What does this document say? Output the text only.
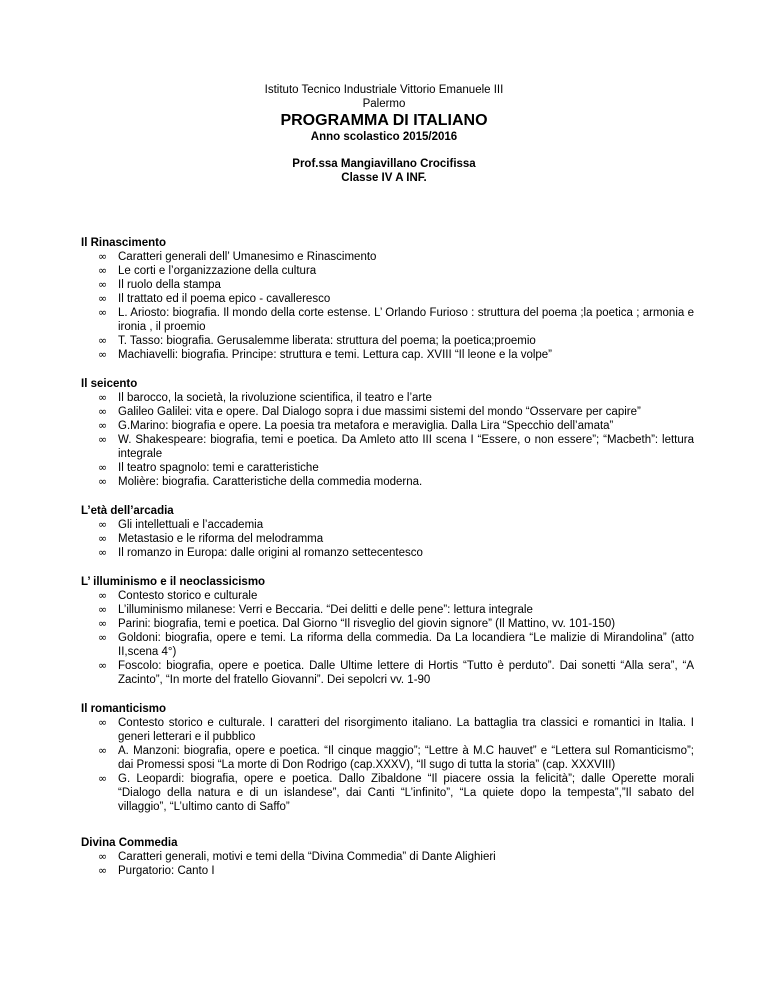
Istituto Tecnico Industriale Vittorio Emanuele III

Palermo

PROGRAMMA DI ITALIANO

Anno scolastico 2015/2016

Prof.ssa Mangiavillano Crocifissa

Classe IV A INF.

Il Rinascimento

∞ Caratteri generali dell’ Umanesimo e Rinascimento
∞ Le corti e l’organizzazione della cultura
∞ Il ruolo della stampa
∞ Il trattato ed il poema epico - cavalleresco
∞ L. Ariosto: biografia. Il mondo della corte estense. L’ Orlando Furioso : struttura del poema ;la poetica ; armonia e ironia , il proemio
∞ T. Tasso: biografia. Gerusalemme liberata: struttura del poema; la poetica;proemio
∞ Machiavelli: biografia. Principe: struttura e temi. Lettura cap. XVIII “Il leone e la volpe”

Il seicento

∞ Il barocco, la società, la rivoluzione scientifica, il teatro e l’arte
∞ Galileo Galilei: vita e opere. Dal Dialogo sopra i due massimi sistemi del mondo “Osservare per capire”
∞ G.Marino: biografia e opere. La poesia tra metafora e meraviglia. Dalla Lira “Specchio dell’amata”
∞ W. Shakespeare: biografia, temi e poetica. Da Amleto atto III scena I “Essere, o non essere”; “Macbeth”: lettura integrale
∞ Il teatro spagnolo: temi e caratteristiche
∞ Molière: biografia. Caratteristiche della commedia moderna.

L’età dell’arcadia

∞ Gli intellettuali e l’accademia
∞ Metastasio e le riforma del melodramma
∞ Il romanzo in Europa: dalle origini al romanzo settecentesco

L’ illuminismo e il neoclassicismo

∞ Contesto storico e culturale
∞ L’illuminismo milanese: Verri e Beccaria. “Dei delitti e delle pene”: lettura integrale
∞ Parini: biografia, temi e poetica. Dal Giorno “Il risveglio del giovin signore” (Il Mattino, vv. 101-150)
∞ Goldoni: biografia, opere e temi. La riforma della commedia. Da La locandiera “Le malizie di Mirandolina” (atto II,scena 4°)
∞ Foscolo: biografia, opere e poetica. Dalle Ultime lettere di Hortis “Tutto è perduto”. Dai sonetti “Alla sera”, “A Zacinto”, “In morte del fratello Giovanni”. Dei sepolcri vv. 1-90

Il romanticismo

∞ Contesto storico e culturale. I caratteri del risorgimento italiano. La battaglia tra classici e romantici in Italia. I generi letterari e il pubblico
∞ A. Manzoni: biografia, opere e poetica. “Il cinque maggio”; “Lettre à M.C hauvet” e “Lettera sul Romanticismo”; dai Promessi sposi “La morte di Don Rodrigo (cap.XXXV), “Il sugo di tutta la storia” (cap. XXXVIII)
∞ G. Leopardi: biografia, opere e poetica. Dallo Zibaldone “Il piacere ossia la felicità”; dalle Operette morali “Dialogo della natura e di un islandese”, dai Canti “L’infinito”, “La quiete dopo la tempesta”,”Il sabato del villaggio”, “L’ultimo canto di Saffo”

Divina Commedia

∞ Caratteri generali, motivi e temi della “Divina Commedia” di Dante Alighieri
∞ Purgatorio: Canto I
